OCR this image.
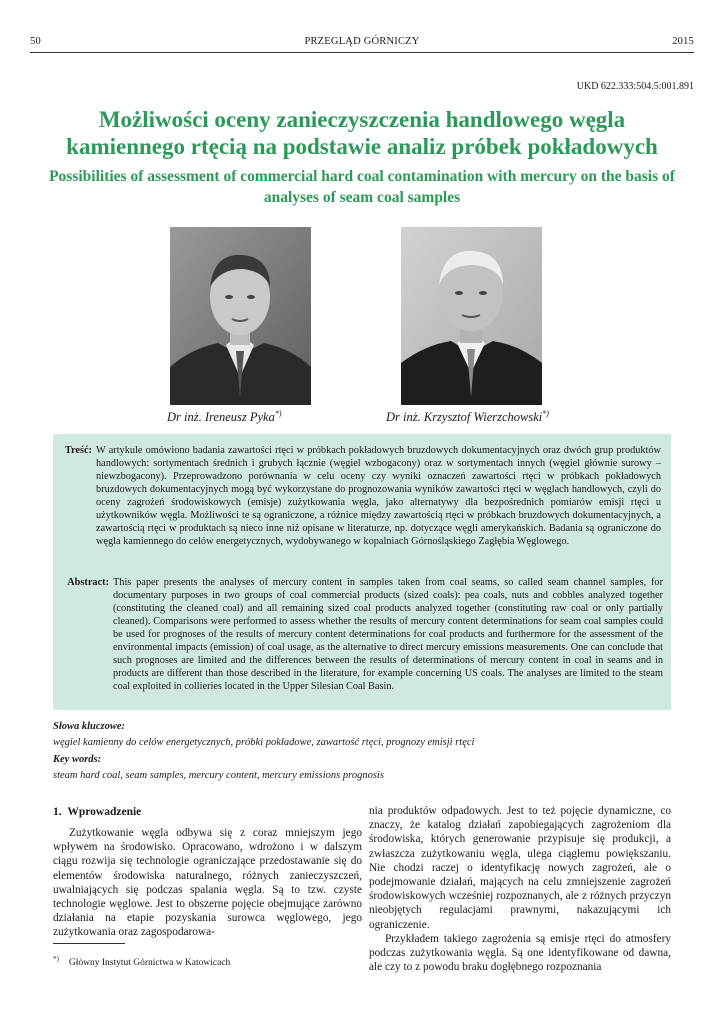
50	PRZEGLĄD GÓRNICZY	2015
UKD 622.333:504.5:001.891
Możliwości oceny zanieczyszczenia handlowego węgla kamiennego rtęcią na podstawie analiz próbek pokładowych
Possibilities of assessment of commercial hard coal contamination with mercury on the basis of analyses of seam coal samples
Dr inż. Ireneusz Pyka*)	Dr inż. Krzysztof Wierzchowski*)
Treść: W artykule omówiono badania zawartości rtęci w próbkach pokładowych bruzdowych dokumentacyjnych oraz dwóch grup produktów handlowych: sortymentach średnich i grubych łącznie (węgiel wzbogacony) oraz w sortymentach innych (węgiel głównie surowy – niewzbogacony). Przeprowadzono porównania w celu oceny czy wyniki oznaczeń zawartości rtęci w próbkach pokładowych bruzdowych dokumentacyjnych mogą być wykorzystane do prognozowania wyników zawartości rtęci w węglach handlowych, czyli do oceny zagrożeń środowiskowych (emisje) zużytkowania węgla, jako alternatywy dla bezpośrednich pomiarów emisji rtęci u użytkowników węgla. Możliwości te są ograniczone, a różnice między zawartością rtęci w próbkach bruzdowych dokumentacyjnych, a zawartością rtęci w produktach są nieco inne niż opisane w literaturze, np. dotyczące węgli amerykańskich. Badania są ograniczone do węgla kamiennego do celów energetycznych, wydobywanego w kopalniach Górnośląskiego Zagłębia Węglowego.
Abstract: This paper presents the analyses of mercury content in samples taken from coal seams, so called seam channel samples, for documentary purposes in two groups of coal commercial products (sized coals): pea coals, nuts and cobbles analyzed together (constituting the cleaned coal) and all remaining sized coal products analyzed together (constituting raw coal or only partially cleaned). Comparisons were performed to assess whether the results of mercury content determinations for seam coal samples could be used for prognoses of the results of mercury content determinations for coal products and furthermore for the assessment of the environmental impacts (emission) of coal usage, as the alternative to direct mercury emissions measurements. One can conclude that such prognoses are limited and the differences between the results of determinations of mercury content in coal in seams and in products are different than those described in the literature, for example concerning US coals. The analyses are limited to the steam coal exploited in collieries located in the Upper Silesian Coal Basin.
Słowa kluczowe:
węgiel kamienny do celów energetycznych, próbki pokładowe, zawartość rtęci, prognozy emisji rtęci
Key words:
steam hard coal, seam samples, mercury content, mercury emissions prognosis
1. Wprowadzenie

Zużytkowanie węgla odbywa się z coraz mniejszym jego wpływem na środowisko. Opracowano, wdrożono i w dalszym ciągu rozwija się technologie ograniczające przedostawanie się do elementów środowiska naturalnego, różnych zanieczyszczeń, uwalniających się podczas spalania węgla. Są to tzw. czyste technologie węglowe. Jest to obszerne pojęcie obejmujące zarówno działania na etapie pozyskania surowca węglowego, jego zużytkowania oraz zagospodarowa-

nia produktów odpadowych. Jest to też pojęcie dynamiczne, co znaczy, że katalog działań zapobiegających zagrożeniom dla środowiska, których generowanie przypisuje się produkcji, a zwłaszcza zużytkowaniu węgla, ulega ciągłemu powiększaniu. Nie chodzi raczej o identyfikację nowych zagrożeń, ale o podejmowanie działań, mających na celu zmniejszenie zagrożeń środowiskowych wcześniej rozpoznanych, ale z różnych przyczyn nieobjętych regulacjami prawnymi, nakazującymi ich ograniczenie.

Przykładem takiego zagrożenia są emisje rtęci do atmosfery podczas zużytkowania węgla. Są one identyfikowane od dawna, ale czy to z powodu braku dogłębnego rozpoznania

*) Główny Instytut Górnictwa w Katowicach
